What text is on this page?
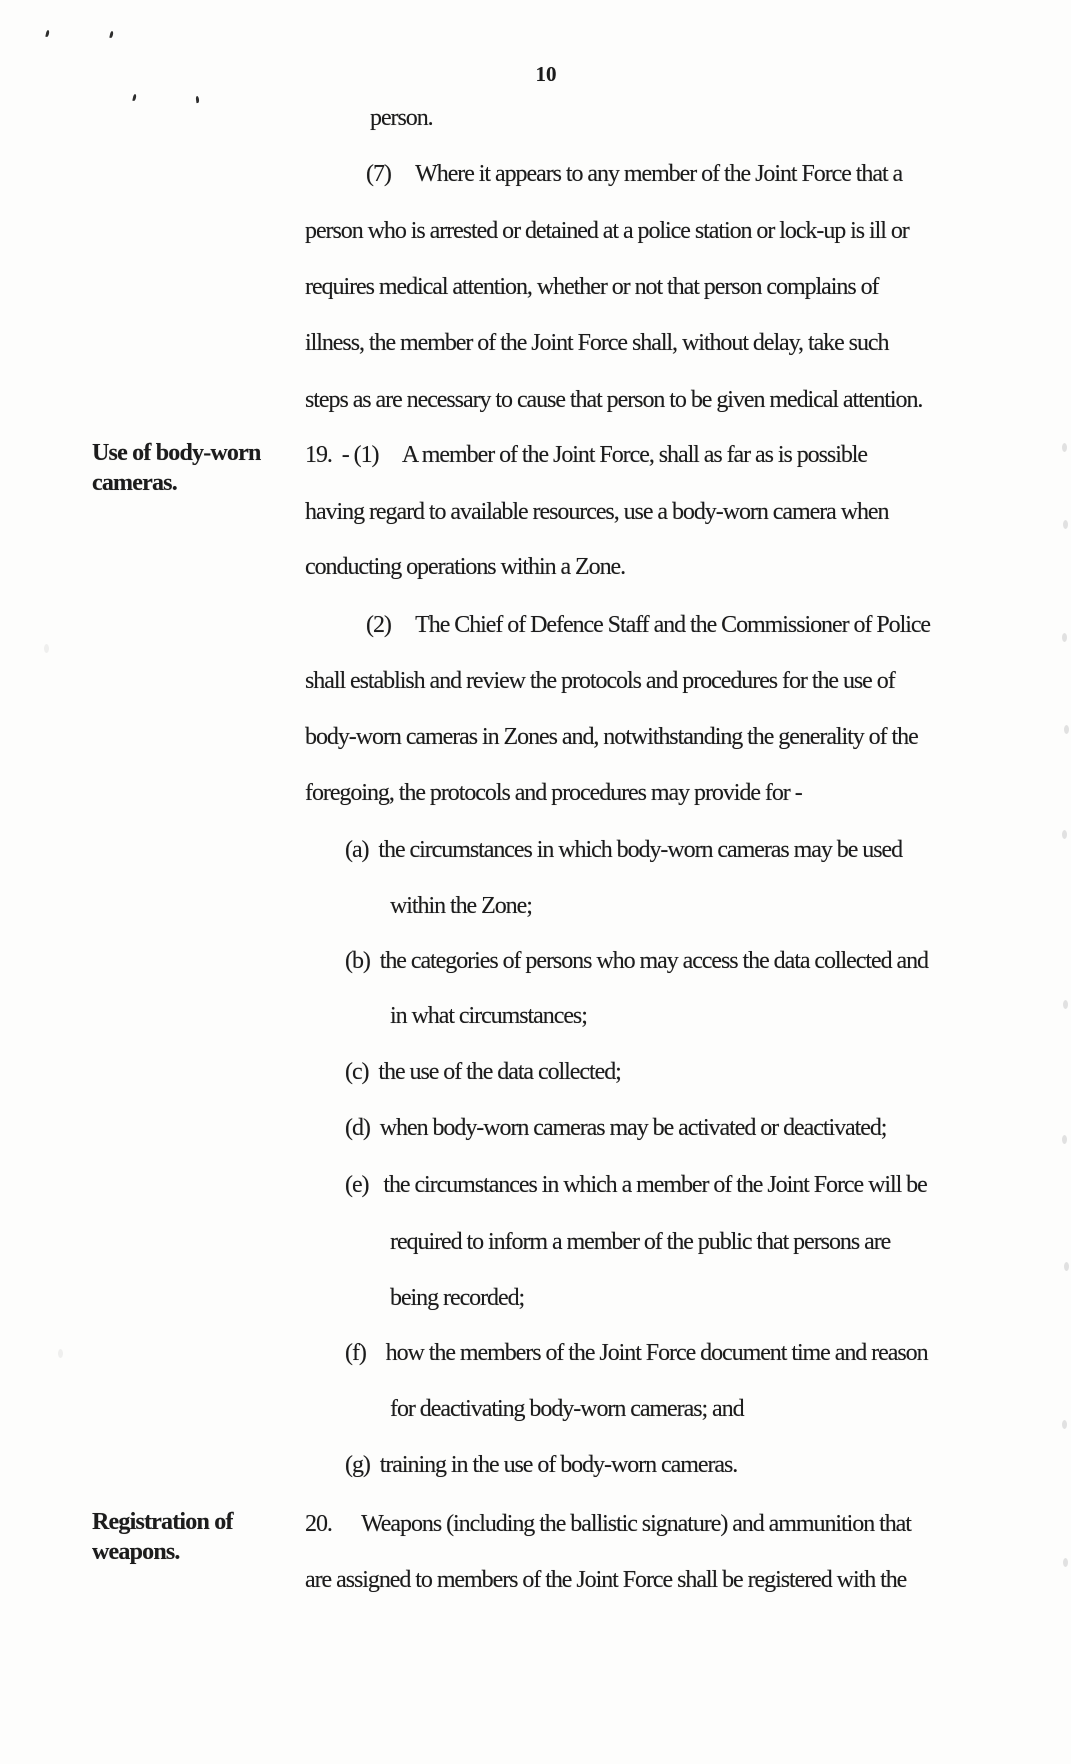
10
person.
(7)     Where it appears to any member of the Joint Force that a
person who is arrested or detained at a police station or lock-up is ill or
requires medical attention, whether or not that person complains of
illness, the member of the Joint Force shall, without delay, take such
steps as are necessary to cause that person to be given medical attention.
Use of body-worn
cameras.
19.  - (1)     A member of the Joint Force, shall as far as is possible
having regard to available resources, use a body-worn camera when
conducting operations within a Zone.
(2)     The Chief of Defence Staff and the Commissioner of Police
shall establish and review the protocols and procedures for the use of
body-worn cameras in Zones and, notwithstanding the generality of the
foregoing, the protocols and procedures may provide for -
(a)  the circumstances in which body-worn cameras may be used
within the Zone;
(b)  the categories of persons who may access the data collected and
in what circumstances;
(c)  the use of the data collected;
(d)  when body-worn cameras may be activated or deactivated;
(e)   the circumstances in which a member of the Joint Force will be
required to inform a member of the public that persons are
being recorded;
(f)    how the members of the Joint Force document time and reason
for deactivating body-worn cameras; and
(g)  training in the use of body-worn cameras.
Registration of
weapons.
20.      Weapons (including the ballistic signature) and ammunition that
are assigned to members of the Joint Force shall be registered with the
